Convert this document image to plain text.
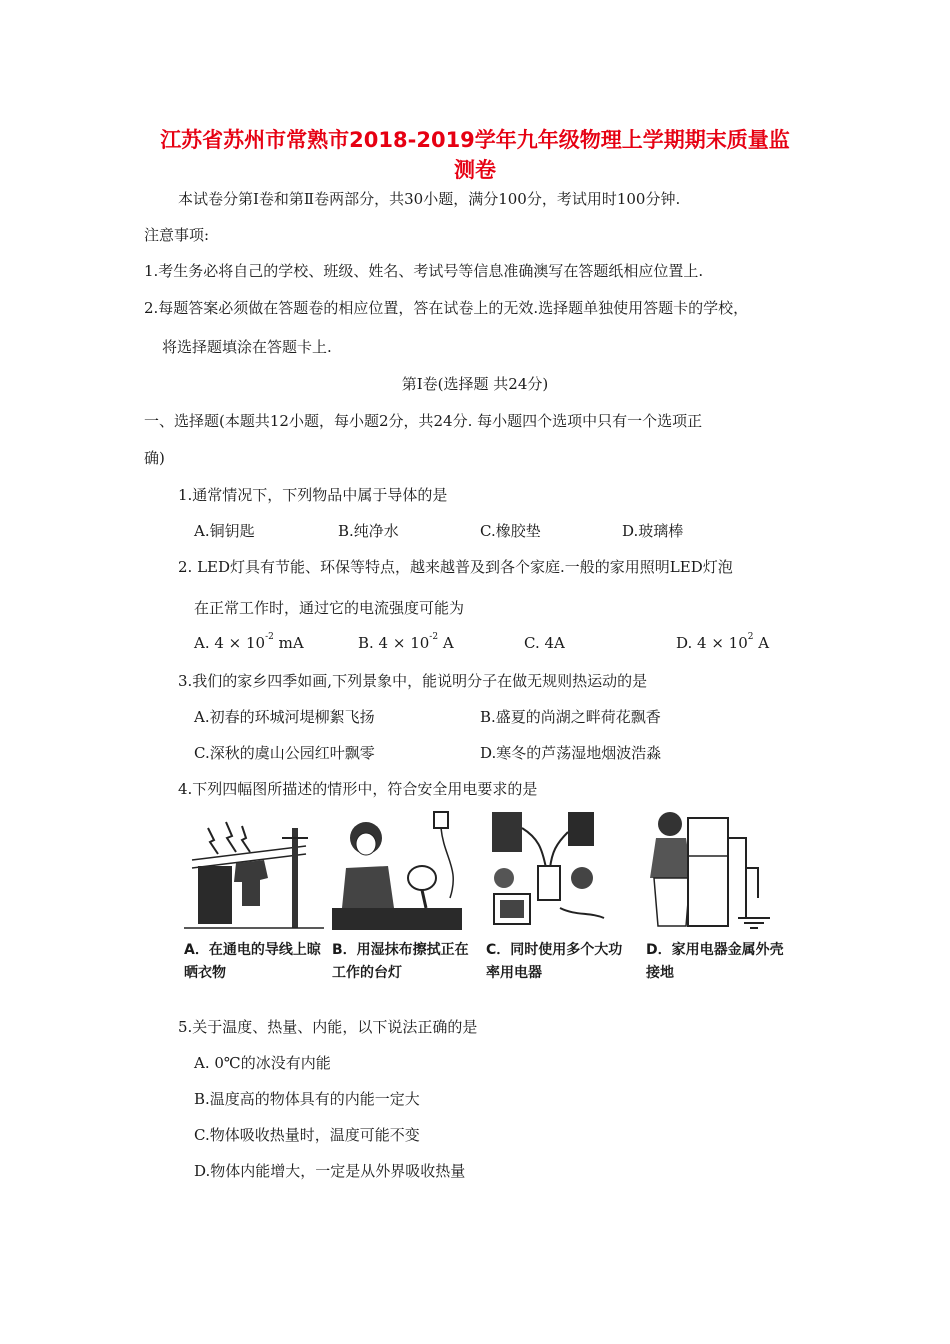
江苏省苏州市常熟市2018-2019学年九年级物理上学期期末质量监
测卷
本试卷分第Ⅰ卷和第Ⅱ卷两部分，共30小题，满分100分，考试用时100分钟.
注意事项:
1.考生务必将自己的学校、班级、姓名、考试号等信息准确澳写在答题纸相应位置上.
2.每题答案必须做在答题卷的相应位置，答在试卷上的无效.选择题单独使用答题卡的学校，
将选择题填涂在答题卡上.
第Ⅰ卷(选择题 共24分)
一、选择题(本题共12小题，每小题2分，共24分. 每小题四个选项中只有一个选项正
确)
1.通常情况下，下列物品中属于导体的是
A.铜钥匙	B.纯净水	C.橡胶垫	D.玻璃棒
2. LED灯具有节能、环保等特点，越来越普及到各个家庭.一般的家用照明LED灯泡
在正常工作时，通过它的电流强度可能为
A. $4 \times 10^{-2}$ mA	B. $4 \times 10^{-2}$ A	C. 4A	D. $4 \times 10^2$ A
3.我们的家乡四季如画,下列景象中，能说明分子在做无规则热运动的是
A.初春的环城河堤柳絮飞扬	B.盛夏的尚湖之畔荷花飘香
C.深秋的虞山公园红叶飘零	D.寒冬的芦荡湿地烟波浩淼
4.下列四幅图所描述的情形中，符合安全用电要求的是
A．在通电的导线上晾晒衣物
B．用湿抹布擦拭正在工作的台灯
C．同时使用多个大功率用电器
D．家用电器金属外壳接地
5.关于温度、热量、内能，以下说法正确的是
A. 0℃的冰没有内能
B.温度高的物体具有的内能一定大
C.物体吸收热量时，温度可能不变
D.物体内能增大，一定是从外界吸收热量
